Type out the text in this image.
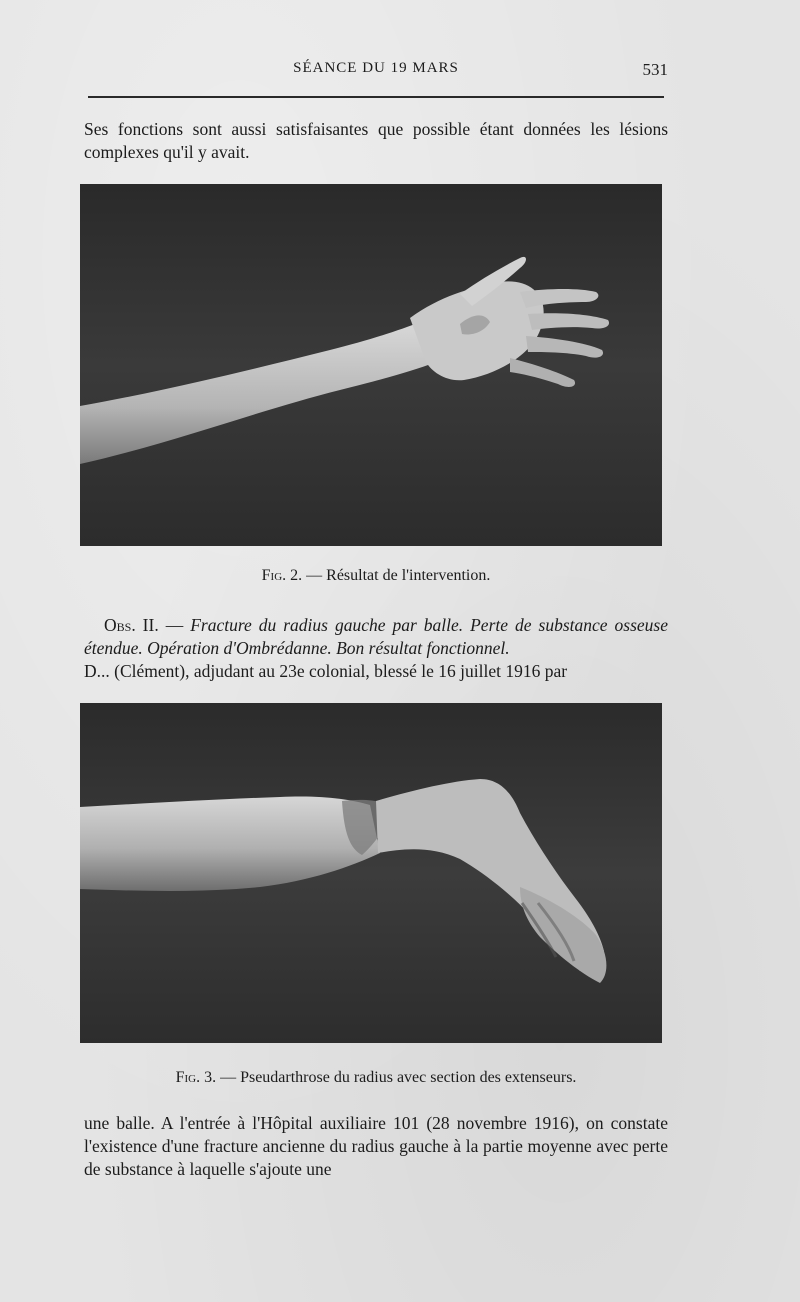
SÉANCE DU 19 MARS	531

Ses fonctions sont aussi satisfaisantes que possible étant données les lésions complexes qu'il y avait.

Fig. 2. — Résultat de l'intervention.
Obs. II. — Fracture du radius gauche par balle. Perte de substance osseuse étendue. Opération d'Ombrédanne. Bon résultat fonctionnel.
D... (Clément), adjudant au 23e colonial, blessé le 16 juillet 1916 par
Fig. 3. — Pseudarthrose du radius avec section des extenseurs.

une balle. A l'entrée à l'Hôpital auxiliaire 101 (28 novembre 1916), on constate l'existence d'une fracture ancienne du radius gauche à la partie moyenne avec perte de substance à laquelle s'ajoute une
